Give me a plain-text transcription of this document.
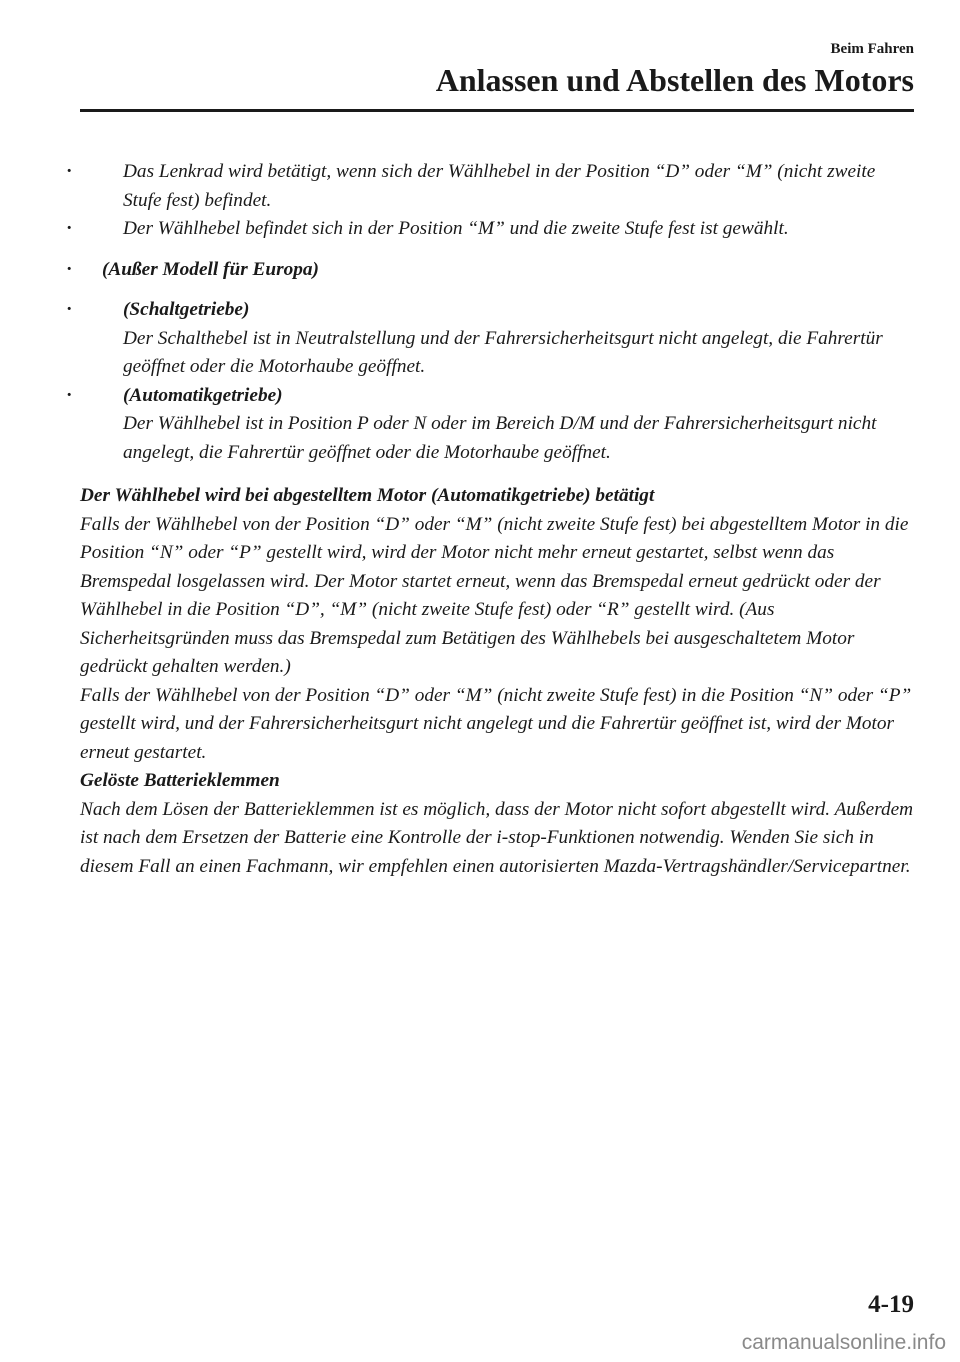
Beim Fahren
Anlassen und Abstellen des Motors
· Das Lenkrad wird betätigt, wenn sich der Wählhebel in der Position “D” oder “M” (nicht zweite Stufe fest) befindet.
· Der Wählhebel befindet sich in der Position “M” und die zweite Stufe fest ist gewählt.
· (Außer Modell für Europa)
· (Schaltgetriebe)
Der Schalthebel ist in Neutralstellung und der Fahrersicherheitsgurt nicht angelegt, die Fahrertür geöffnet oder die Motorhaube geöffnet.
· (Automatikgetriebe)
Der Wählhebel ist in Position P oder N oder im Bereich D/M und der Fahrersicherheitsgurt nicht angelegt, die Fahrertür geöffnet oder die Motorhaube geöffnet.

Der Wählhebel wird bei abgestelltem Motor (Automatikgetriebe) betätigt

Falls der Wählhebel von der Position “D” oder “M” (nicht zweite Stufe fest) bei abgestelltem Motor in die Position “N” oder “P” gestellt wird, wird der Motor nicht mehr erneut gestartet, selbst wenn das Bremspedal losgelassen wird. Der Motor startet erneut, wenn das Bremspedal erneut gedrückt oder der Wählhebel in die Position “D”, “M” (nicht zweite Stufe fest) oder “R” gestellt wird. (Aus Sicherheitsgründen muss das Bremspedal zum Betätigen des Wählhebels bei ausgeschaltetem Motor gedrückt gehalten werden.)

Falls der Wählhebel von der Position “D” oder “M” (nicht zweite Stufe fest) in die Position “N” oder “P” gestellt wird, und der Fahrersicherheitsgurt nicht angelegt und die Fahrertür geöffnet ist, wird der Motor erneut gestartet.

Gelöste Batterieklemmen

Nach dem Lösen der Batterieklemmen ist es möglich, dass der Motor nicht sofort abgestellt wird. Außerdem ist nach dem Ersetzen der Batterie eine Kontrolle der i-stop-Funktionen notwendig. Wenden Sie sich in diesem Fall an einen Fachmann, wir empfehlen einen autorisierten Mazda-Vertragshändler/Servicepartner.

4-19
carmanualsonline.info
